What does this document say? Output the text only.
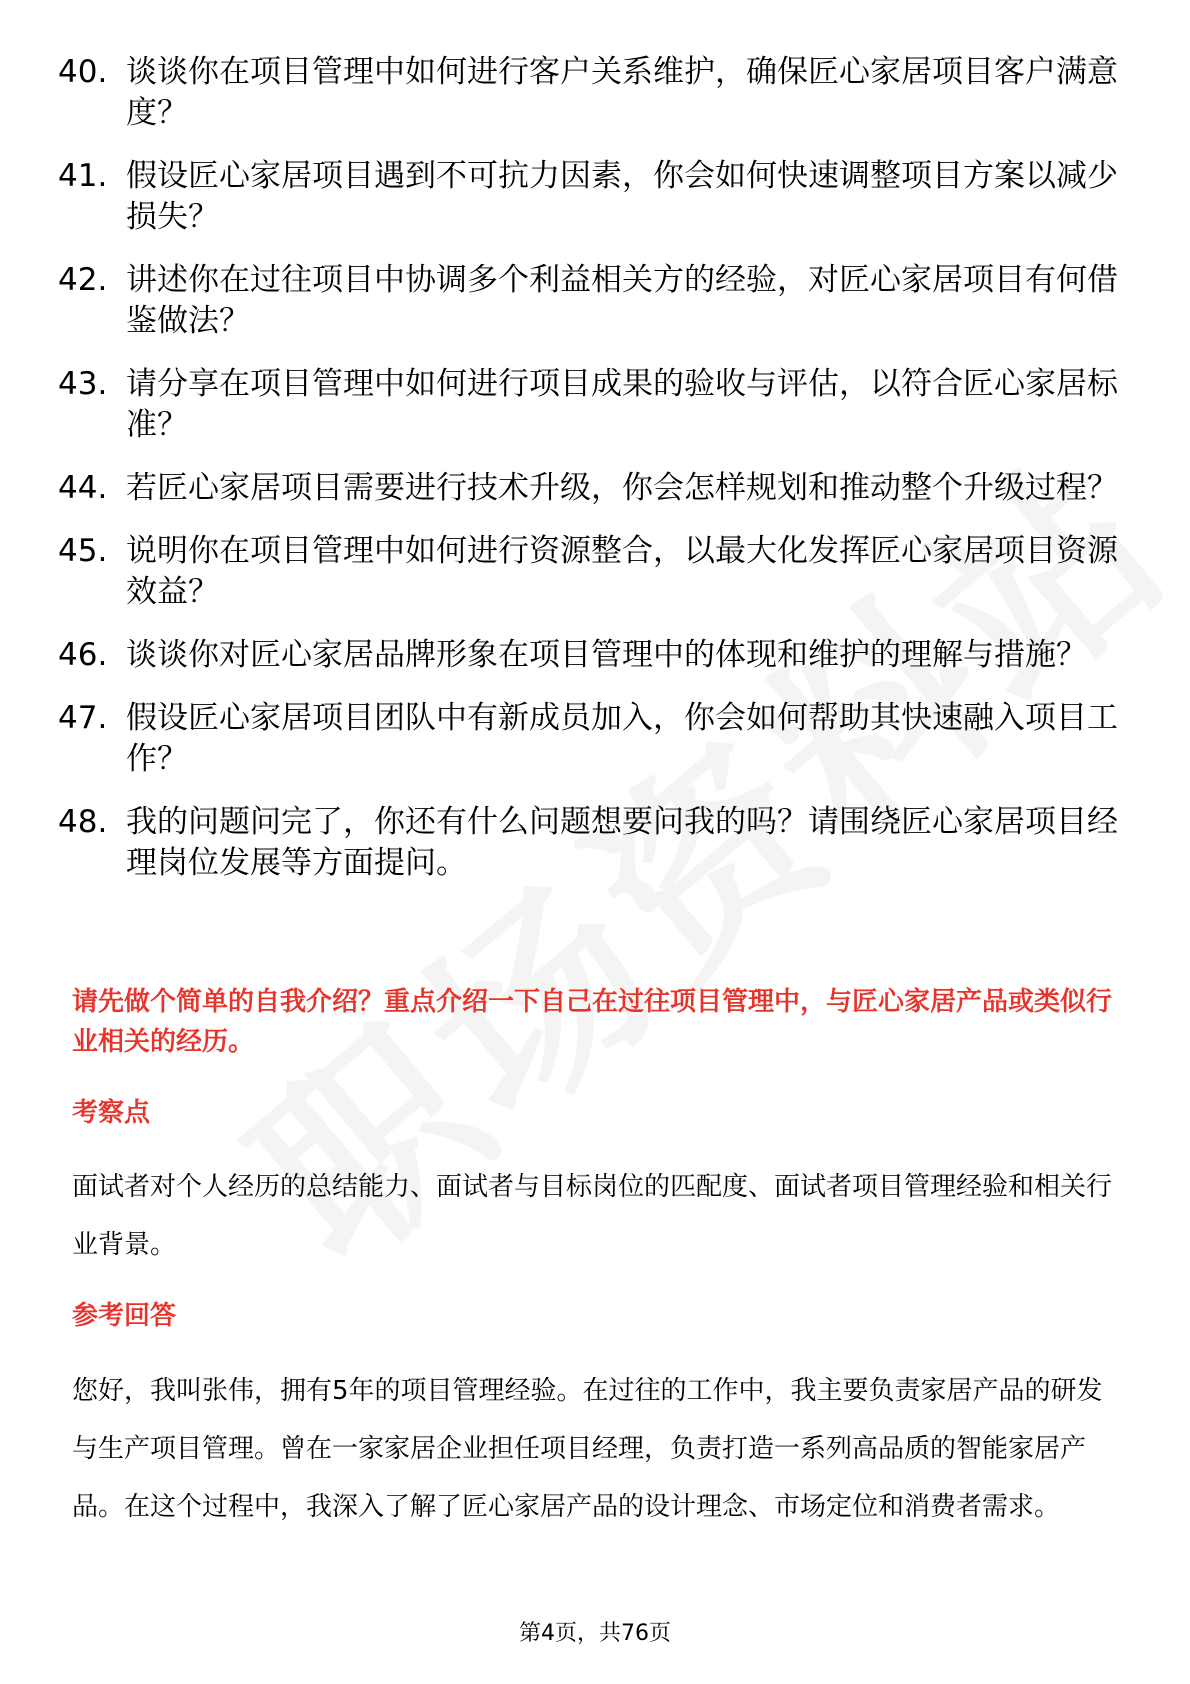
40. 谈谈你在项目管理中如何进行客户关系维护，确保匠心家居项目客户满意度？
41. 假设匠心家居项目遇到不可抗力因素，你会如何快速调整项目方案以减少损失？
42. 讲述你在过往项目中协调多个利益相关方的经验，对匠心家居项目有何借鉴做法？
43. 请分享在项目管理中如何进行项目成果的验收与评估，以符合匠心家居标准？
44. 若匠心家居项目需要进行技术升级，你会怎样规划和推动整个升级过程？
45. 说明你在项目管理中如何进行资源整合，以最大化发挥匠心家居项目资源效益？
46. 谈谈你对匠心家居品牌形象在项目管理中的体现和维护的理解与措施？
47. 假设匠心家居项目团队中有新成员加入，你会如何帮助其快速融入项目工作？
48. 我的问题问完了，你还有什么问题想要问我的吗？请围绕匠心家居项目经理岗位发展等方面提问。

请先做个简单的自我介绍？重点介绍一下自己在过往项目管理中，与匠心家居产品或类似行业相关的经历。

考察点

面试者对个人经历的总结能力、面试者与目标岗位的匹配度、面试者项目管理经验和相关行业背景。

参考回答

您好，我叫张伟，拥有5年的项目管理经验。在过往的工作中，我主要负责家居产品的研发与生产项目管理。曾在一家家居企业担任项目经理，负责打造一系列高品质的智能家居产品。在这个过程中，我深入了解了匠心家居产品的设计理念、市场定位和消费者需求。

第4页，共76页
